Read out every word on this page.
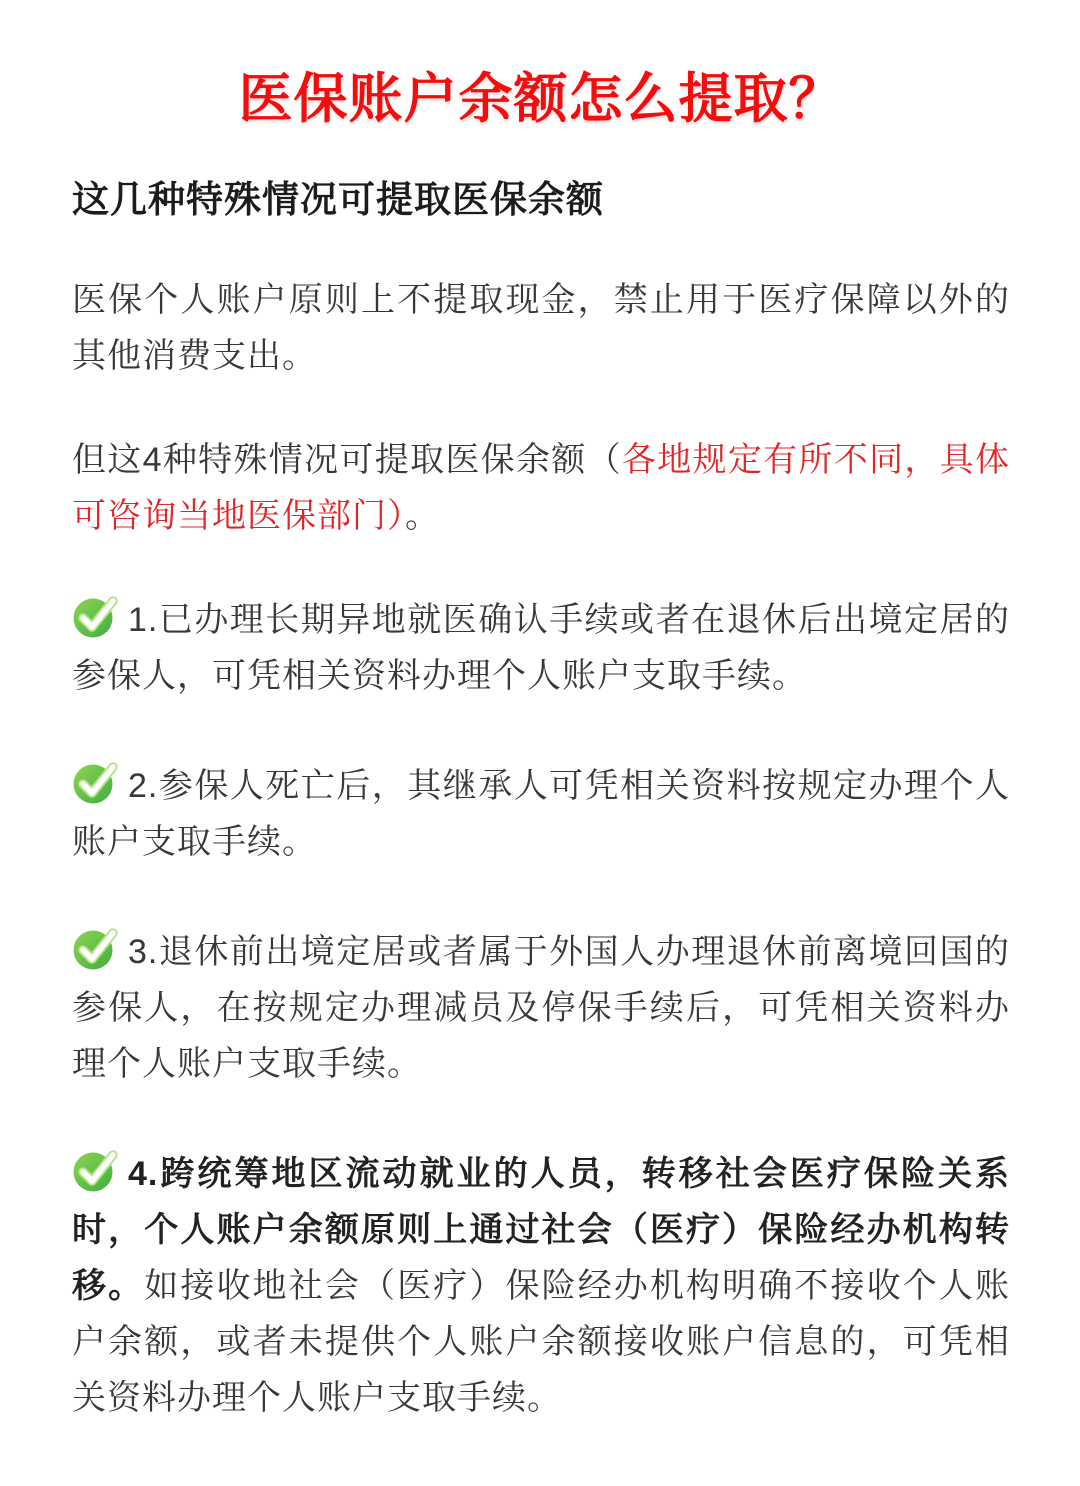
医保账户余额怎么提取？
这几种特殊情况可提取医保余额

医保个人账户原则上不提取现金，禁止用于医疗保障以外的其他消费支出。

但这4种特殊情况可提取医保余额（各地规定有所不同，具体可咨询当地医保部门）。

1.已办理长期异地就医确认手续或者在退休后出境定居的参保人，可凭相关资料办理个人账户支取手续。

2.参保人死亡后，其继承人可凭相关资料按规定办理个人账户支取手续。

3.退休前出境定居或者属于外国人办理退休前离境回国的参保人，在按规定办理减员及停保手续后，可凭相关资料办理个人账户支取手续。

4.跨统筹地区流动就业的人员，转移社会医疗保险关系时，个人账户余额原则上通过社会（医疗）保险经办机构转移。如接收地社会（医疗）保险经办机构明确不接收个人账户余额，或者未提供个人账户余额接收账户信息的，可凭相关资料办理个人账户支取手续。
